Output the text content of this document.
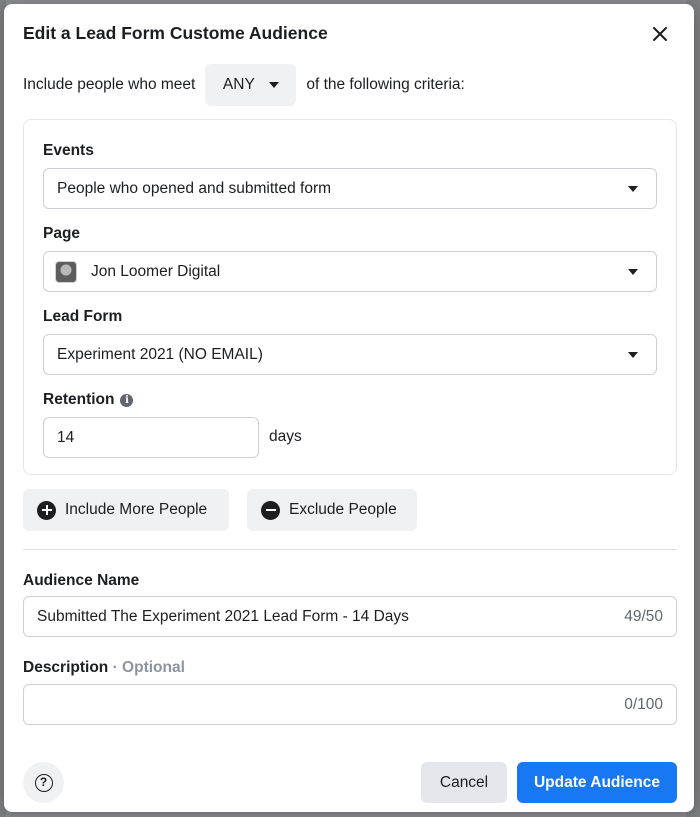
Edit a Lead Form Custome Audience
Include people who meet ANY	of the following criteria:
Events
People who opened and submitted form
Page
Jon Loomer Digital
Lead Form
Experiment 2021 (NO EMAIL)
Retention i
14
days
Include More People	Exclude People
Audience Name
Submitted The Experiment 2021 Lead Form - 14 Days	49/50
Description · Optional
0/100
?	Cancel	Update Audience
